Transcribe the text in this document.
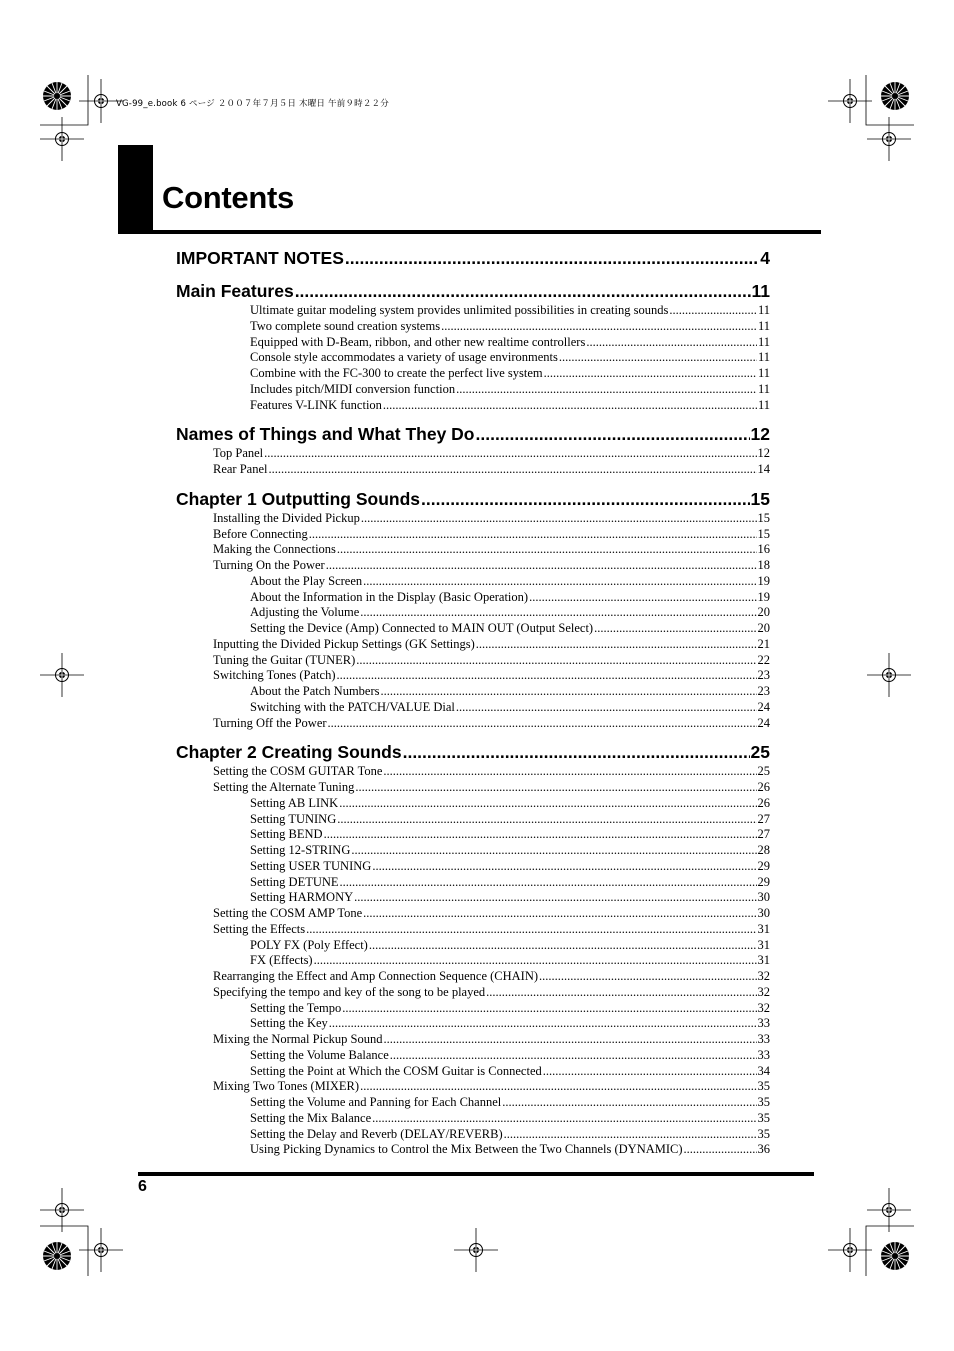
VG-99_e.book 6 ページ ２００７年７月５日 木曜日 午前９時２２分
Contents
IMPORTANT NOTES .....	4
Main Features .....	11
Ultimate guitar modeling system provides unlimited possibilities in creating sounds .....	11
Two complete sound creation systems .....	11
Equipped with D-Beam, ribbon, and other new realtime controllers .....	11
Console style accommodates a variety of usage environments .....	11
Combine with the FC-300 to create the perfect live system .....	11
Includes pitch/MIDI conversion function .....	11
Features V-LINK function .....	11
Names of Things and What They Do .....	12
Top Panel .....	12
Rear Panel .....	14
Chapter 1 Outputting Sounds .....	15
Installing the Divided Pickup .....	15
Before Connecting .....	15
Making the Connections .....	16
Turning On the Power .....	18
About the Play Screen .....	19
About the Information in the Display (Basic Operation) .....	19
Adjusting the Volume .....	20
Setting the Device (Amp) Connected to MAIN OUT (Output Select) .....	20
Inputting the Divided Pickup Settings (GK Settings) .....	21
Tuning the Guitar (TUNER) .....	22
Switching Tones (Patch) .....	23
About the Patch Numbers .....	23
Switching with the PATCH/VALUE Dial .....	24
Turning Off the Power .....	24
Chapter 2 Creating Sounds .....	25
Setting the COSM GUITAR Tone .....	25
Setting the Alternate Tuning .....	26
Setting AB LINK .....	26
Setting TUNING .....	27
Setting BEND .....	27
Setting 12-STRING .....	28
Setting USER TUNING .....	29
Setting DETUNE .....	29
Setting HARMONY .....	30
Setting the COSM AMP Tone .....	30
Setting the Effects .....	31
POLY FX (Poly Effect) .....	31
FX (Effects) .....	31
Rearranging the Effect and Amp Connection Sequence (CHAIN) .....	32
Specifying the tempo and key of the song to be played .....	32
Setting the Tempo .....	32
Setting the Key .....	33
Mixing the Normal Pickup Sound .....	33
Setting the Volume Balance .....	33
Setting the Point at Which the COSM Guitar is Connected .....	34
Mixing Two Tones (MIXER) .....	35
Setting the Volume and Panning for Each Channel .....	35
Setting the Mix Balance .....	35
Setting the Delay and Reverb (DELAY/REVERB) .....	35
Using Picking Dynamics to Control the Mix Between the Two Channels (DYNAMIC) .....	36
6
